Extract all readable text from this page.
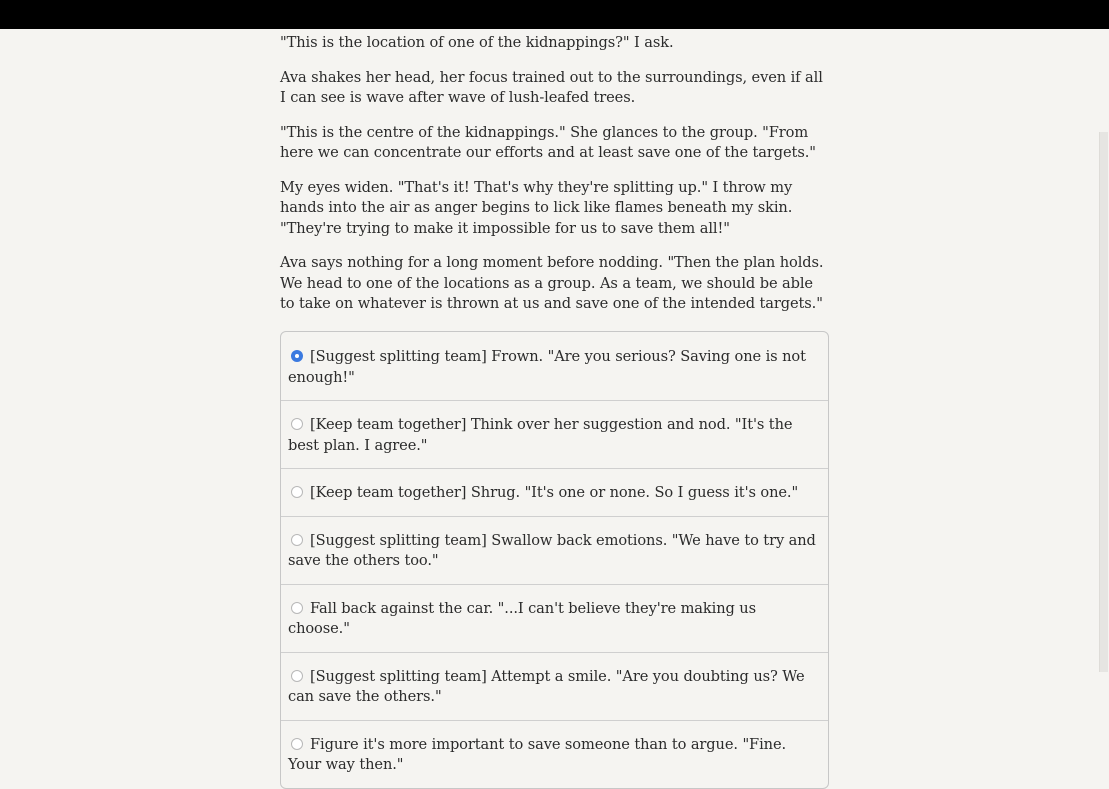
"This is the location of one of the kidnappings?" I ask.

Ava shakes her head, her focus trained out to the surroundings, even if all I can see is wave after wave of lush-leafed trees.

"This is the centre of the kidnappings." She glances to the group. "From here we can concentrate our efforts and at least save one of the targets."

My eyes widen. "That's it! That's why they're splitting up." I throw my hands into the air as anger begins to lick like flames beneath my skin. "They're trying to make it impossible for us to save them all!"

Ava says nothing for a long moment before nodding. "Then the plan holds. We head to one of the locations as a group. As a team, we should be able to take on whatever is thrown at us and save one of the intended targets."

[Suggest splitting team] Frown. "Are you serious? Saving one is not enough!"
[Keep team together] Think over her suggestion and nod. "It's the best plan. I agree."
[Keep team together] Shrug. "It's one or none. So I guess it's one."
[Suggest splitting team] Swallow back emotions. "We have to try and save the others too."
Fall back against the car. "...I can't believe they're making us choose."
[Suggest splitting team] Attempt a smile. "Are you doubting us? We can save the others."
Figure it's more important to save someone than to argue. "Fine. Your way then."
